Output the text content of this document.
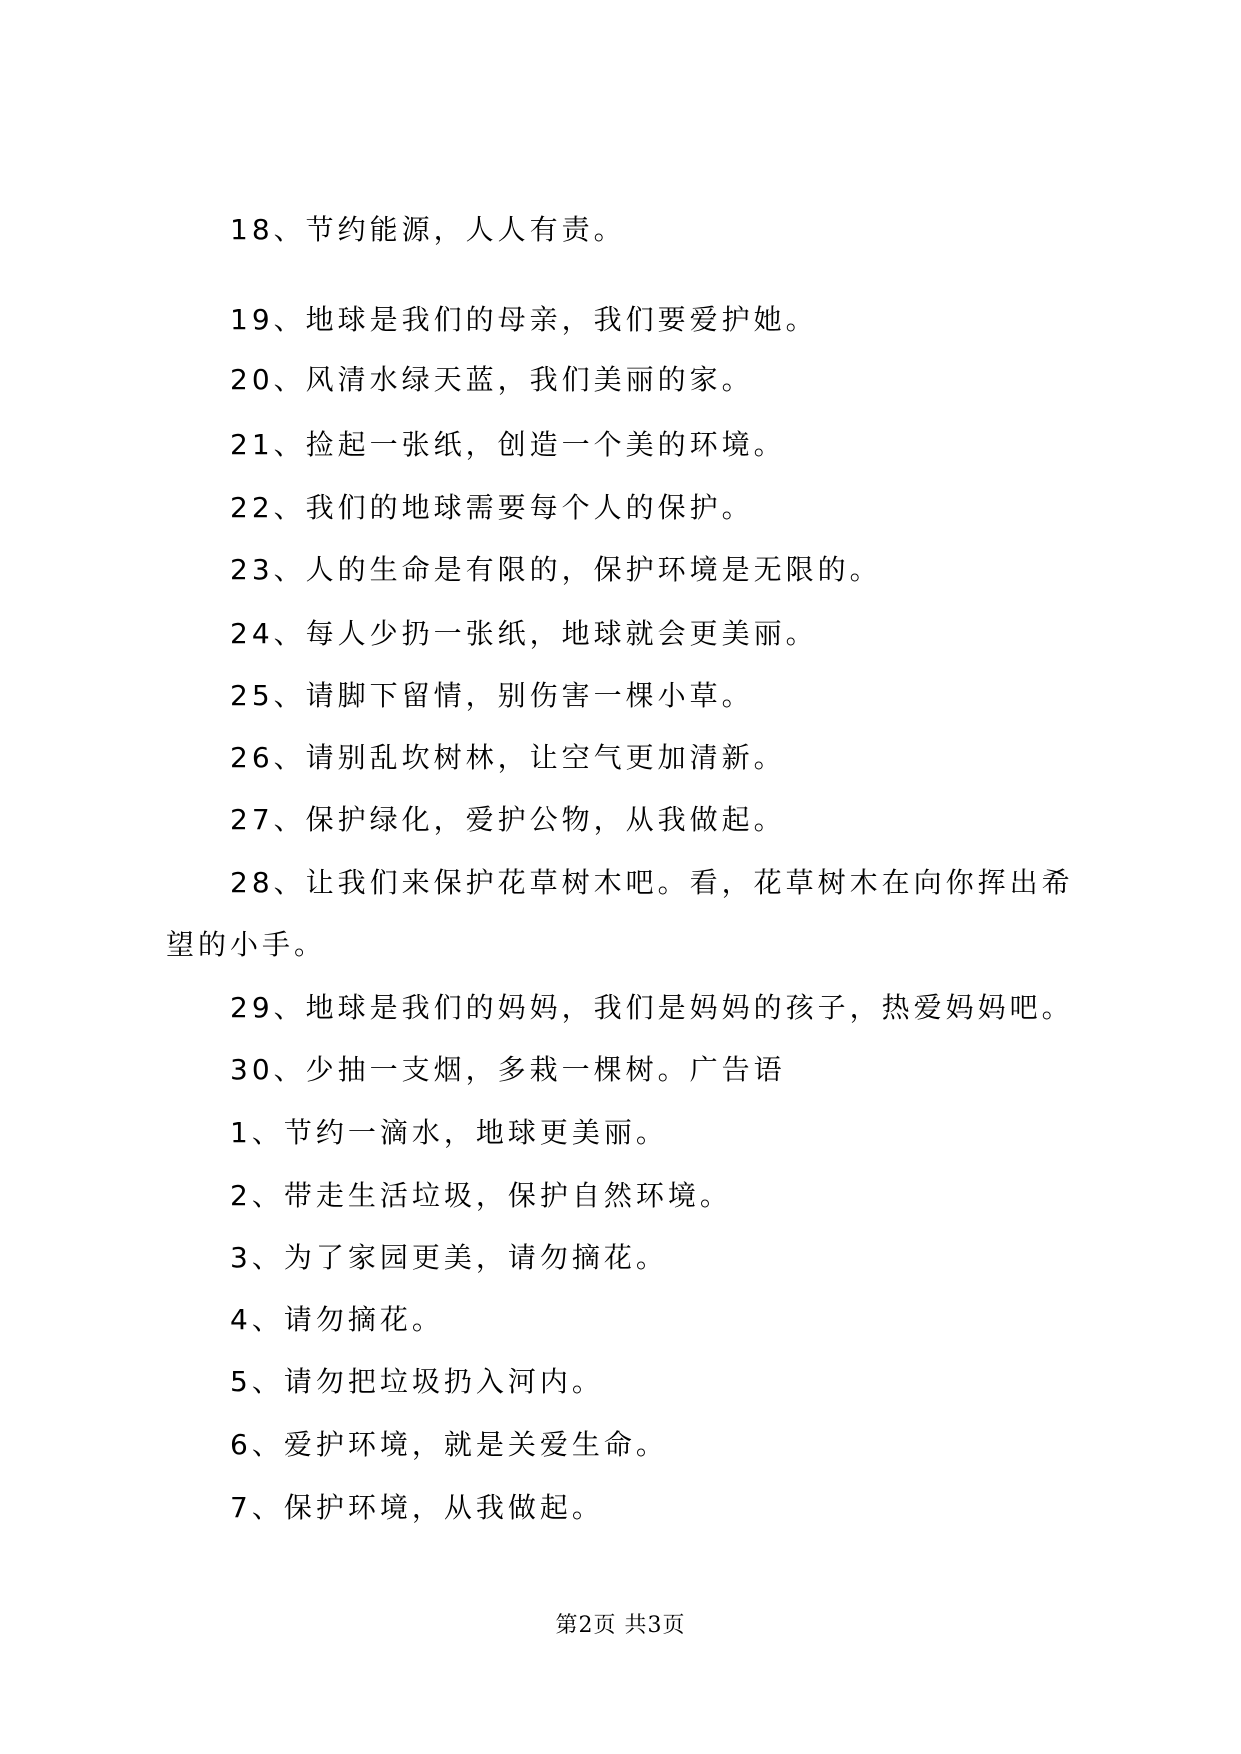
18、节约能源，人人有责。
19、地球是我们的母亲，我们要爱护她。
20、风清水绿天蓝，我们美丽的家。
21、捡起一张纸，创造一个美的环境。
22、我们的地球需要每个人的保护。
23、人的生命是有限的，保护环境是无限的。
24、每人少扔一张纸，地球就会更美丽。
25、请脚下留情，别伤害一棵小草。
26、请别乱坎树林，让空气更加清新。
27、保护绿化，爱护公物，从我做起。
28、让我们来保护花草树木吧。看，花草树木在向你挥出希
望的小手。
29、地球是我们的妈妈，我们是妈妈的孩子，热爱妈妈吧。
30、少抽一支烟，多栽一棵树。广告语
1、节约一滴水，地球更美丽。
2、带走生活垃圾，保护自然环境。
3、为了家园更美，请勿摘花。
4、请勿摘花。
5、请勿把垃圾扔入河内。
6、爱护环境，就是关爱生命。
7、保护环境，从我做起。
第2页 共3页
